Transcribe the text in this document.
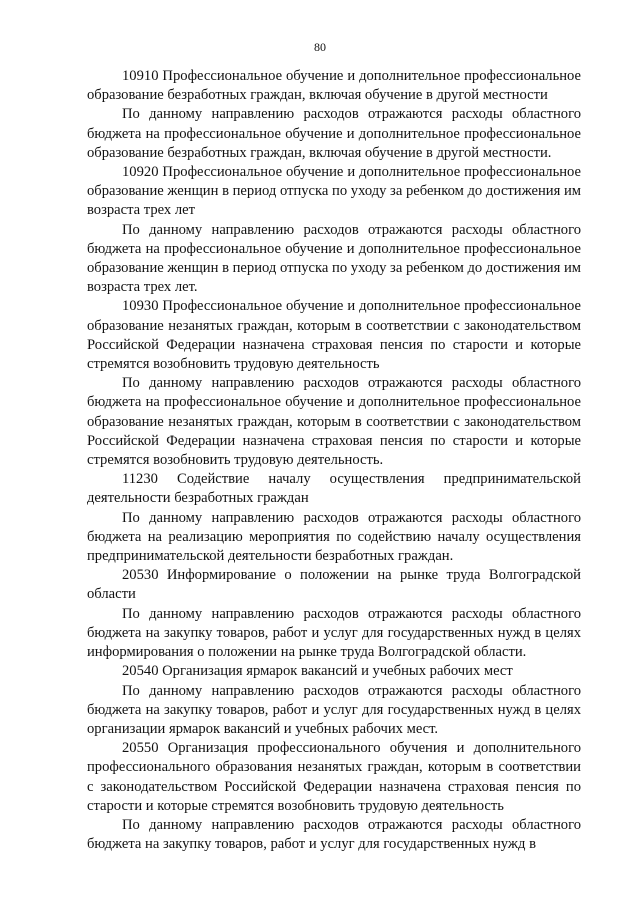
80

10910 Профессиональное обучение и дополнительное профессиональное образование безработных граждан, включая обучение в другой местности

По данному направлению расходов отражаются расходы областного бюджета на профессиональное обучение и дополнительное профессиональное образование безработных граждан, включая обучение в другой местности.

10920 Профессиональное обучение и дополнительное профессиональное образование женщин в период отпуска по уходу за ребенком до достижения им возраста трех лет

По данному направлению расходов отражаются расходы областного бюджета на профессиональное обучение и дополнительное профессиональное образование женщин в период отпуска по уходу за ребенком до достижения им возраста трех лет.

10930 Профессиональное обучение и дополнительное профессиональное образование незанятых граждан, которым в соответствии с законодательством Российской Федерации назначена страховая пенсия по старости и которые стремятся возобновить трудовую деятельность

По данному направлению расходов отражаются расходы областного бюджета на профессиональное обучение и дополнительное профессиональное образование незанятых граждан, которым в соответствии с законодательством Российской Федерации назначена страховая пенсия по старости и которые стремятся возобновить трудовую деятельность.

11230 Содействие началу осуществления предпринимательской деятельности безработных граждан

По данному направлению расходов отражаются расходы областного бюджета на реализацию мероприятия по содействию началу осуществления предпринимательской деятельности безработных граждан.

20530 Информирование о положении на рынке труда Волгоградской области

По данному направлению расходов отражаются расходы областного бюджета на закупку товаров, работ и услуг для государственных нужд в целях информирования о положении на рынке труда Волгоградской области.

20540 Организация ярмарок вакансий и учебных рабочих мест

По данному направлению расходов отражаются расходы областного бюджета на закупку товаров, работ и услуг для государственных нужд в целях организации ярмарок вакансий и учебных рабочих мест.

20550 Организация профессионального обучения и дополнительного профессионального образования незанятых граждан, которым в соответствии с законодательством Российской Федерации назначена страховая пенсия по старости и которые стремятся возобновить трудовую деятельность

По данному направлению расходов отражаются расходы областного бюджета на закупку товаров, работ и услуг для государственных нужд в
